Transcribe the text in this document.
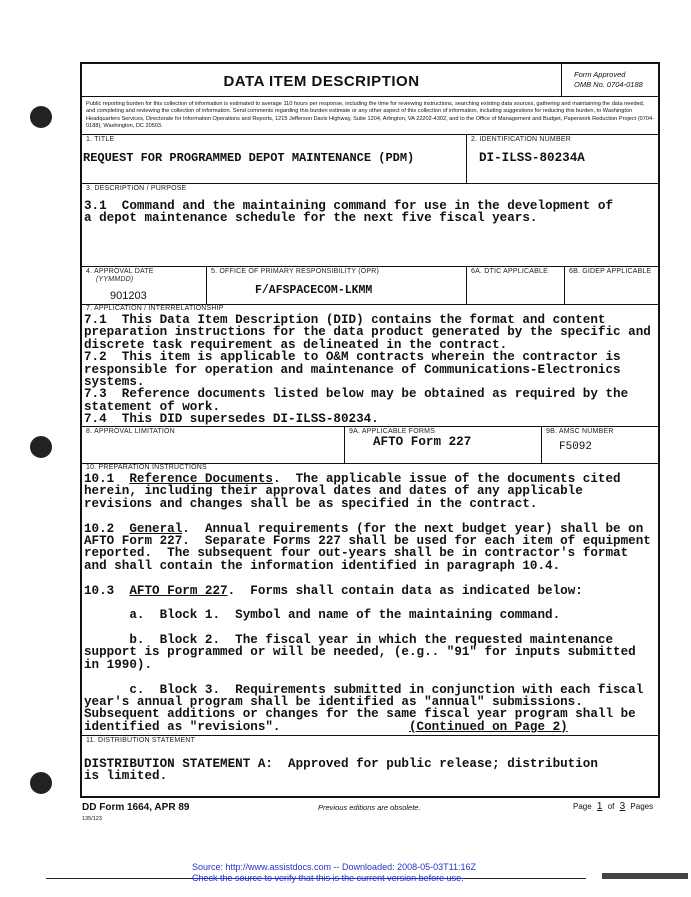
DATA ITEM DESCRIPTION	Form Approved
OMB No. 0704-0188
Public reporting burden for this collection of information is estimated to average 110 hours per response, including the time for reviewing instructions, searching existing data sources, gathering and maintaining the data needed, and completing and reviewing the collection of information. Send comments regarding this burden estimate or any other aspect of this collection of information, including suggestions for reducing this burden, to Washington Headquarters Services, Directorate for Information Operations and Reports, 1215 Jefferson Davis Highway, Suite 1204, Arlington, VA 22202-4302, and to the Office of Management and Budget, Paperwork Reduction Project (0704-0188), Washington, DC 20503.
1. TITLE
REQUEST FOR PROGRAMMED DEPOT MAINTENANCE (PDM)
2. IDENTIFICATION NUMBER
DI-ILSS-80234A
3. DESCRIPTION / PURPOSE
3.1  Command and the maintaining command for use in the development of
a depot maintenance schedule for the next five fiscal years.
4. APPROVAL DATE
(YYMMDD)
901203
5. OFFICE OF PRIMARY RESPONSIBILITY (OPR)
F/AFSPACECOM-LKMM
6A. DTIC APPLICABLE	6B. GIDEP APPLICABLE
7. APPLICATION / INTERRELATIONSHIP
7.1  This Data Item Description (DID) contains the format and content
preparation instructions for the data product generated by the specific and
discrete task requirement as delineated in the contract.
7.2  This item is applicable to O&M contracts wherein the contractor is
responsible for operation and maintenance of Communications-Electronics
systems.
7.3  Reference documents listed below may be obtained as required by the
statement of work.
7.4  This DID supersedes DI-ILSS-80234.
8. APPROVAL LIMITATION	9A. APPLICABLE FORMS
AFTO Form 227
9B. AMSC NUMBER
F5092
10. PREPARATION INSTRUCTIONS
10.1  Reference Documents.  The applicable issue of the documents cited
herein, including their approval dates and dates of any applicable
revisions and changes shall be as specified in the contract.
10.2  General.  Annual requirements (for the next budget year) shall be on
AFTO Form 227.  Separate Forms 227 shall be used for each item of equipment
reported.  The subsequent four out-years shall be in contractor's format
and shall contain the information identified in paragraph 10.4.
10.3  AFTO Form 227.  Forms shall contain data as indicated below:
a.  Block 1.  Symbol and name of the maintaining command.
b.  Block 2.  The fiscal year in which the requested maintenance
support is programmed or will be needed, (e.g.. "91" for inputs submitted
in 1990).
c.  Block 3.  Requirements submitted in conjunction with each fiscal
year's annual program shall be identified as "annual" submissions.
Subsequent additions or changes for the same fiscal year program shall be
identified as "revisions".                 (Continued on Page 2)
11. DISTRIBUTION STATEMENT
DISTRIBUTION STATEMENT A:  Approved for public release; distribution
is limited.
DD Form 1664, APR 89
135/123
Previous editions are obsolete.	Page 1 of 3 Pages
Source: http://www.assistdocs.com -- Downloaded: 2008-05-03T11:16Z
Check the source to verify that this is the current version before use.
